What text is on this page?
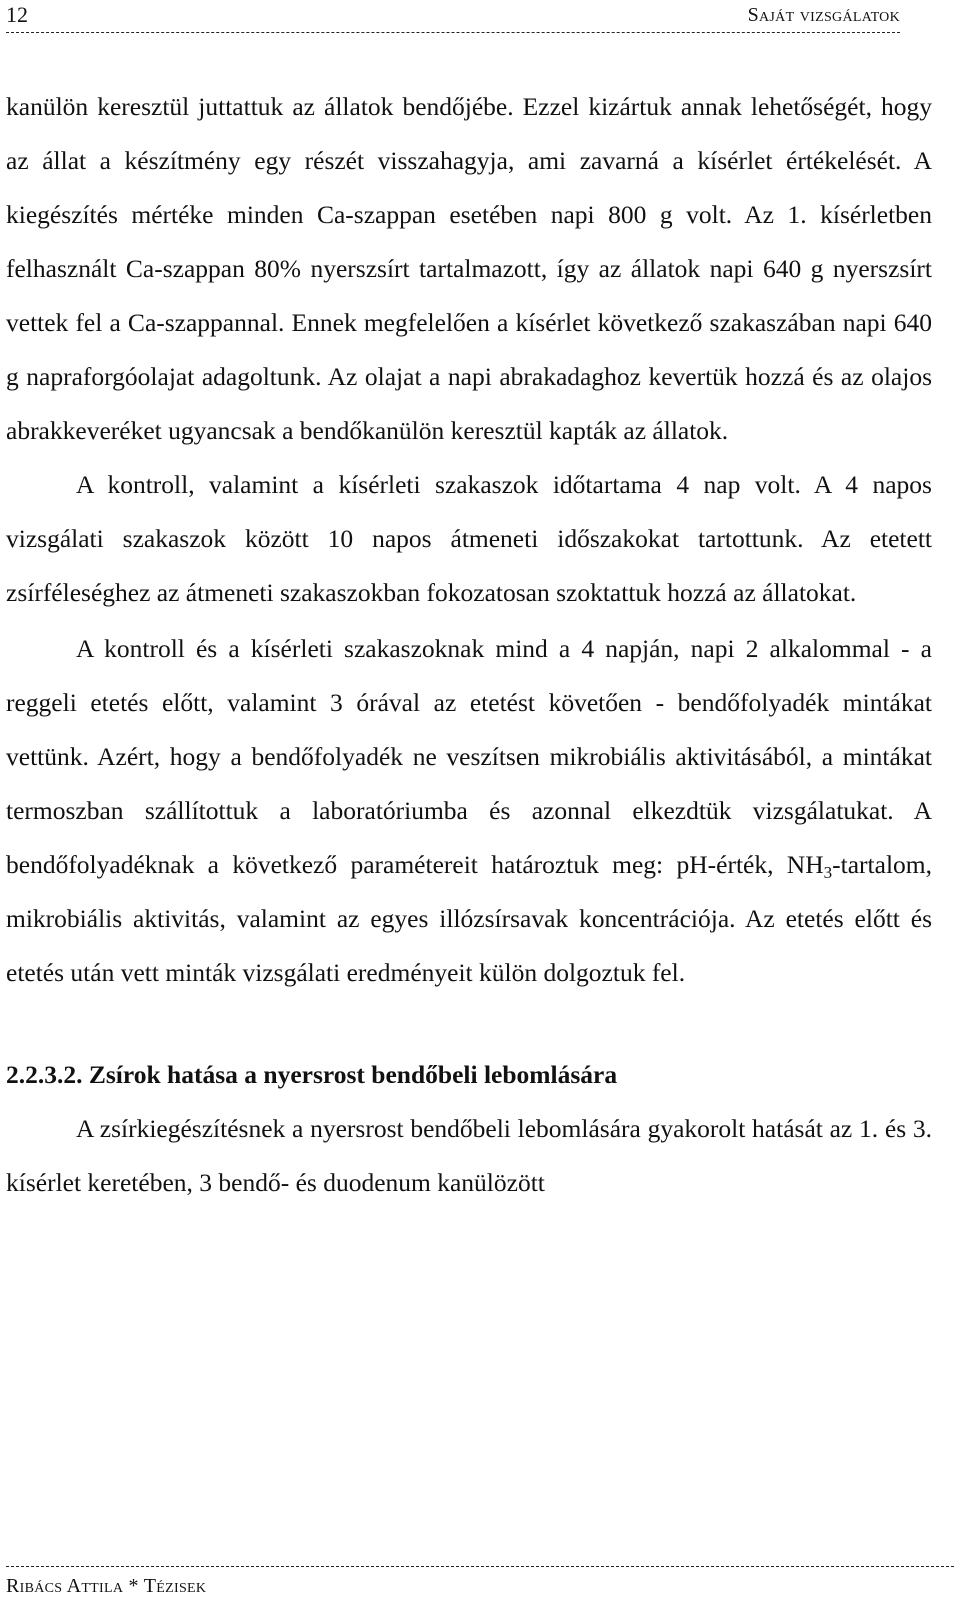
12	Saját vizsgálatok

kanülön keresztül juttattuk az állatok bendőjébe. Ezzel kizártuk annak lehetőségét, hogy az állat a készítmény egy részét visszahagyja, ami zavarná a kísérlet értékelését. A kiegészítés mértéke minden Ca-szappan esetében napi 800 g volt. Az 1. kísérletben felhasznált Ca-szappan 80% nyerszsírt tartalmazott, így az állatok napi 640 g nyerszsírt vettek fel a Ca-szappannal. Ennek megfelelően a kísérlet következő szakaszában napi 640 g napraforgóolajat adagoltunk. Az olajat a napi abrakadaghoz kevertük hozzá és az olajos abrakkeveréket ugyancsak a bendőkanülön keresztül kapták az állatok.

A kontroll, valamint a kísérleti szakaszok időtartama 4 nap volt. A 4 napos vizsgálati szakaszok között 10 napos átmeneti időszakokat tartottunk. Az etetett zsírféleséghez az átmeneti szakaszokban fokozatosan szoktattuk hozzá az állatokat.

A kontroll és a kísérleti szakaszoknak mind a 4 napján, napi 2 alkalommal - a reggeli etetés előtt, valamint 3 órával az etetést követően - bendőfolyadék mintákat vettünk. Azért, hogy a bendőfolyadék ne veszítsen mikrobiális aktivitásából, a mintákat termoszban szállítottuk a laboratóriumba és azonnal elkezdtük vizsgálatukat. A bendőfolyadéknak a következő paramétereit határoztuk meg: pH-érték, $NH_3$-tartalom, mikrobiális aktivitás, valamint az egyes illózsírsavak koncentrációja. Az etetés előtt és etetés után vett minták vizsgálati eredményeit külön dolgoztuk fel.

2.2.3.2. Zsírok hatása a nyersrost bendőbeli lebomlására

A zsírkiegészítésnek a nyersrost bendőbeli lebomlására gyakorolt hatását az 1. és 3. kísérlet keretében, 3 bendő- és duodenum kanülözött

Ribács Attila * Tézisek
